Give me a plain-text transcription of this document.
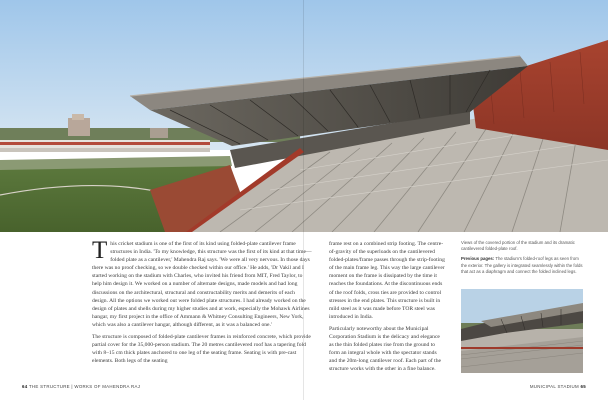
This cricket stadium is one of the first of its kind using folded-plate cantilever frame structures in India. 'To my knowledge, this structure was the first of its kind at that time—folded plate as a cantilever,' Mahendra Raj says. 'We were all very nervous. In those days there was no proof checking, so we double checked within our office.' He adds, 'Dr Vakil and I started working on the stadium with Charles, who invited his friend from MIT, Fred Taylor, to help him design it. We worked on a number of alternate designs, made models and had long discussions on the architectural, structural and constructability merits and demerits of each design. All the options we worked out were folded plate structures. I had already worked on the design of plates and shells during my higher studies and at work, especially the Mohawk Airlines hangar, my first project in the office of Ammann & Whitney Consulting Engineers, New York, which was also a cantilever hangar, although different, as it was a balanced one.'

The structure is composed of folded-plate cantilever frames in reinforced concrete, which provide partial cover for the 35,000-person stadium. The 20 metres cantilevered roof has a tapering fold with 8–15 cm thick plates anchored to one leg of the seating frame. Seating is with pre-cast elements. Both legs of the seating

frame rest on a combined strip footing. The centre-of-gravity of the superloads on the cantilevered folded-plates/frame passes through the strip-footing of the main frame leg. This way the large cantilever moment on the frame is dissipated by the time it reaches the foundations. At the discontinuous ends of the roof folds, cross ties are provided to control stresses in the end plates. This structure is built in mild steel as it was made before TOR steel was introduced in India.

Particularly noteworthy about the Municipal Corporation Stadium is the delicacy and elegance as the thin folded plates rise from the ground to form an integral whole with the spectator stands and the 20m-long cantilever roof. Each part of the structure works with the other in a fine balance.

Views of the covered portion of the stadium and its dramatic cantilevered folded-plate roof.

Previous pages: The stadium's folded-roof legs as seen from the exterior. The gallery is integrated seamlessly within the folds that act as a diaphragm and connect the folded inclined legs.

64 THE STRUCTURE | WORKS OF MAHENDRA RAJ	MUNICIPAL STADIUM 65
